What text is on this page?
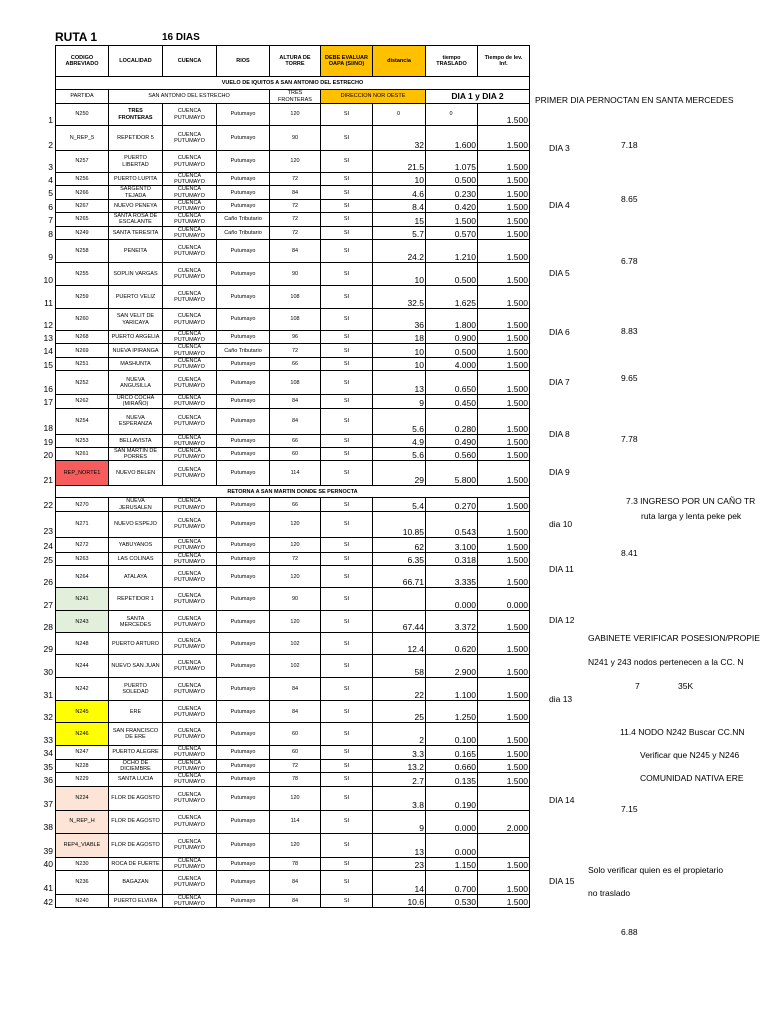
RUTA 1	16 DIAS
CODIGO ABREVIADO	LOCALIDAD	CUENCA	RIOS	ALTURA DE TORRE	DEBE EVALUAR OAPA (SI/NO)	distancia	tiempo TRASLADO	Tiempo de lev. Inf.
VUELO DE IQUITOS A SAN ANTONIO DEL ESTRECHO								
PARTIDA	SAN ANTONIO DEL ESTRECHO			TRES FRONTERAS	DIRECCION NOR OESTE		DIA 1 y DIA 2	
N250	TRES FRONTERAS	CUENCA PUTUMAYO	Putumayo	120	SI	0	0	1.500
N_REP_5	REPETIDOR 5	CUENCA PUTUMAYO	Putumayo	90	SI	32	1.600	1.500
N257	PUERTO LIBERTAD	CUENCA PUTUMAYO	Putumayo	120	SI	21.5	1.075	1.500
N256	PUERTO LUPITA	CUENCA PUTUMAYO	Putumayo	72	SI	10	0.500	1.500
N266	SARGENTO TEJADA	CUENCA PUTUMAYO	Putumayo	84	SI	4.6	0.230	1.500
N267	NUEVO PENEYA	CUENCA PUTUMAYO	Putumayo	72	SI	8.4	0.420	1.500
N265	SANTA ROSA DE ESCALANTE	CUENCA PUTUMAYO	Caño Tributario	72	SI	15	1.500	1.500
N249	SANTA TERESITA	CUENCA PUTUMAYO	Caño Tributario	72	SI	5.7	0.570	1.500
N258	PENEITA	CUENCA PUTUMAYO	Putumayo	84	SI	24.2	1.210	1.500
N255	SOPLIN VARGAS	CUENCA PUTUMAYO	Putumayo	90	SI	10	0.500	1.500
N259	PUERTO VELIZ	CUENCA PUTUMAYO	Putumayo	108	SI	32.5	1.625	1.500
N260	SAN VELIT DE YARICAYA	CUENCA PUTUMAYO	Putumayo	108	SI	36	1.800	1.500
N268	PUERTO ARGELIA	CUENCA PUTUMAYO	Putumayo	96	SI	18	0.900	1.500
N269	NUEVA IPIRANGA	CUENCA PUTUMAYO	Caño Tributario	72	SI	10	0.500	1.500
N251	MASHUNTA	CUENCA PUTUMAYO	Putumayo	66	SI	10	4.000	1.500
N252	NUEVA ANGUSILLA	CUENCA PUTUMAYO	Putumayo	108	SI	13	0.650	1.500
N262	URCO COCHA (MIRAÑO)	CUENCA PUTUMAYO	Putumayo	84	SI	9	0.450	1.500
N254	NUEVA ESPERANZA	CUENCA PUTUMAYO	Putumayo	84	SI	5.6	0.280	1.500
N253	BELLAVISTA	CUENCA PUTUMAYO	Putumayo	66	SI	4.9	0.490	1.500
N261	SAN MARTIN DE PORRES	CUENCA PUTUMAYO	Putumayo	60	SI	5.6	0.560	1.500
REP_NORTE1	NUEVO BELEN	CUENCA PUTUMAYO	Putumayo	114	SI	29	5.800	1.500
RETORNA A SAN MARTIN DONDE SE PERNOCTA								
N270	NUEVA JERUSALEN	CUENCA PUTUMAYO	Putumayo	66	SI	5.4	0.270	1.500
N271	NUEVO ESPEJO	CUENCA PUTUMAYO	Putumayo	120	SI	10.85	0.543	1.500
N272	YABUYANOS	CUENCA PUTUMAYO	Putumayo	120	SI	62	3.100	1.500
N263	LAS COLINAS	CUENCA PUTUMAYO	Putumayo	72	SI	6.35	0.318	1.500
N264	ATALAYA	CUENCA PUTUMAYO	Putumayo	120	SI	66.71	3.335	1.500
N241	REPETIDOR 1	CUENCA PUTUMAYO	Putumayo	90	SI		0.000	0.000
N243	SANTA MERCEDES	CUENCA PUTUMAYO	Putumayo	120	SI	67.44	3.372	1.500
N248	PUERTO ARTURO	CUENCA PUTUMAYO	Putumayo	102	SI	12.4	0.620	1.500
N244	NUEVO SAN JUAN	CUENCA PUTUMAYO	Putumayo	102	SI	58	2.900	1.500
N242	PUERTO SOLEDAD	CUENCA PUTUMAYO	Putumayo	84	SI	22	1.100	1.500
N245	ERE	CUENCA PUTUMAYO	Putumayo	84	SI	25	1.250	1.500
N246	SAN FRANCISCO DE ERE	CUENCA PUTUMAYO	Putumayo	60	SI	2	0.100	1.500
N247	PUERTO ALEGRE	CUENCA PUTUMAYO	Putumayo	60	SI	3.3	0.165	1.500
N228	OCHO DE DICIEMBRE	CUENCA PUTUMAYO	Putumayo	72	SI	13.2	0.660	1.500
N229	SANTA LUCIA	CUENCA PUTUMAYO	Putumayo	78	SI	2.7	0.135	1.500
N224	FLOR DE AGOSTO	CUENCA PUTUMAYO	Putumayo	120	SI	3.8	0.190	
N_REP_H	FLOR DE AGOSTO	CUENCA PUTUMAYO	Putumayo	114	SI	9	0.000	2.000
REP4_VIABLE	FLOR DE AGOSTO	CUENCA PUTUMAYO	Putumayo	120	SI	13	0.000	
N230	ROCA DE FUERTE	CUENCA PUTUMAYO	Putumayo	78	SI	23	1.150	1.500
N236	BAGAZAN	CUENCA PUTUMAYO	Putumayo	84	SI	14	0.700	1.500
N240	PUERTO ELVIRA	CUENCA PUTUMAYO	Putumayo	84	SI	10.6	0.530	1.500
1
2
3
4
5
6
7
8
9
10
11
12
13
14
15
16
17
18
19
20
21
22
23
24
25
26
27
28
29
30
31
32
33
34
35
36
37
38
39
40
41
42
DIA 3
DIA 4
DIA 5
DIA 6
DIA 7
DIA 8
DIA 9
dia 10
DIA 11
DIA 12
dia 13
DIA 14
DIA 15
PRIMER DIA PERNOCTAN EN SANTA MERCEDES
7.18
8.65
6.78
8.83
9.65
7.78
7.3 INGRESO POR UN CAÑO TR
ruta larga y lenta peke pek
8.41
GABINETE VERIFICAR POSESION/PROPIE
N241 y 243 nodos pertenecen a la CC. N
7	35K
11.4 NODO N242 Buscar CC.NN
Verificar que N245 y N246
COMUNIDAD NATIVA ERE
7.15
Solo verificar quien es el propietario
no traslado
6.88
